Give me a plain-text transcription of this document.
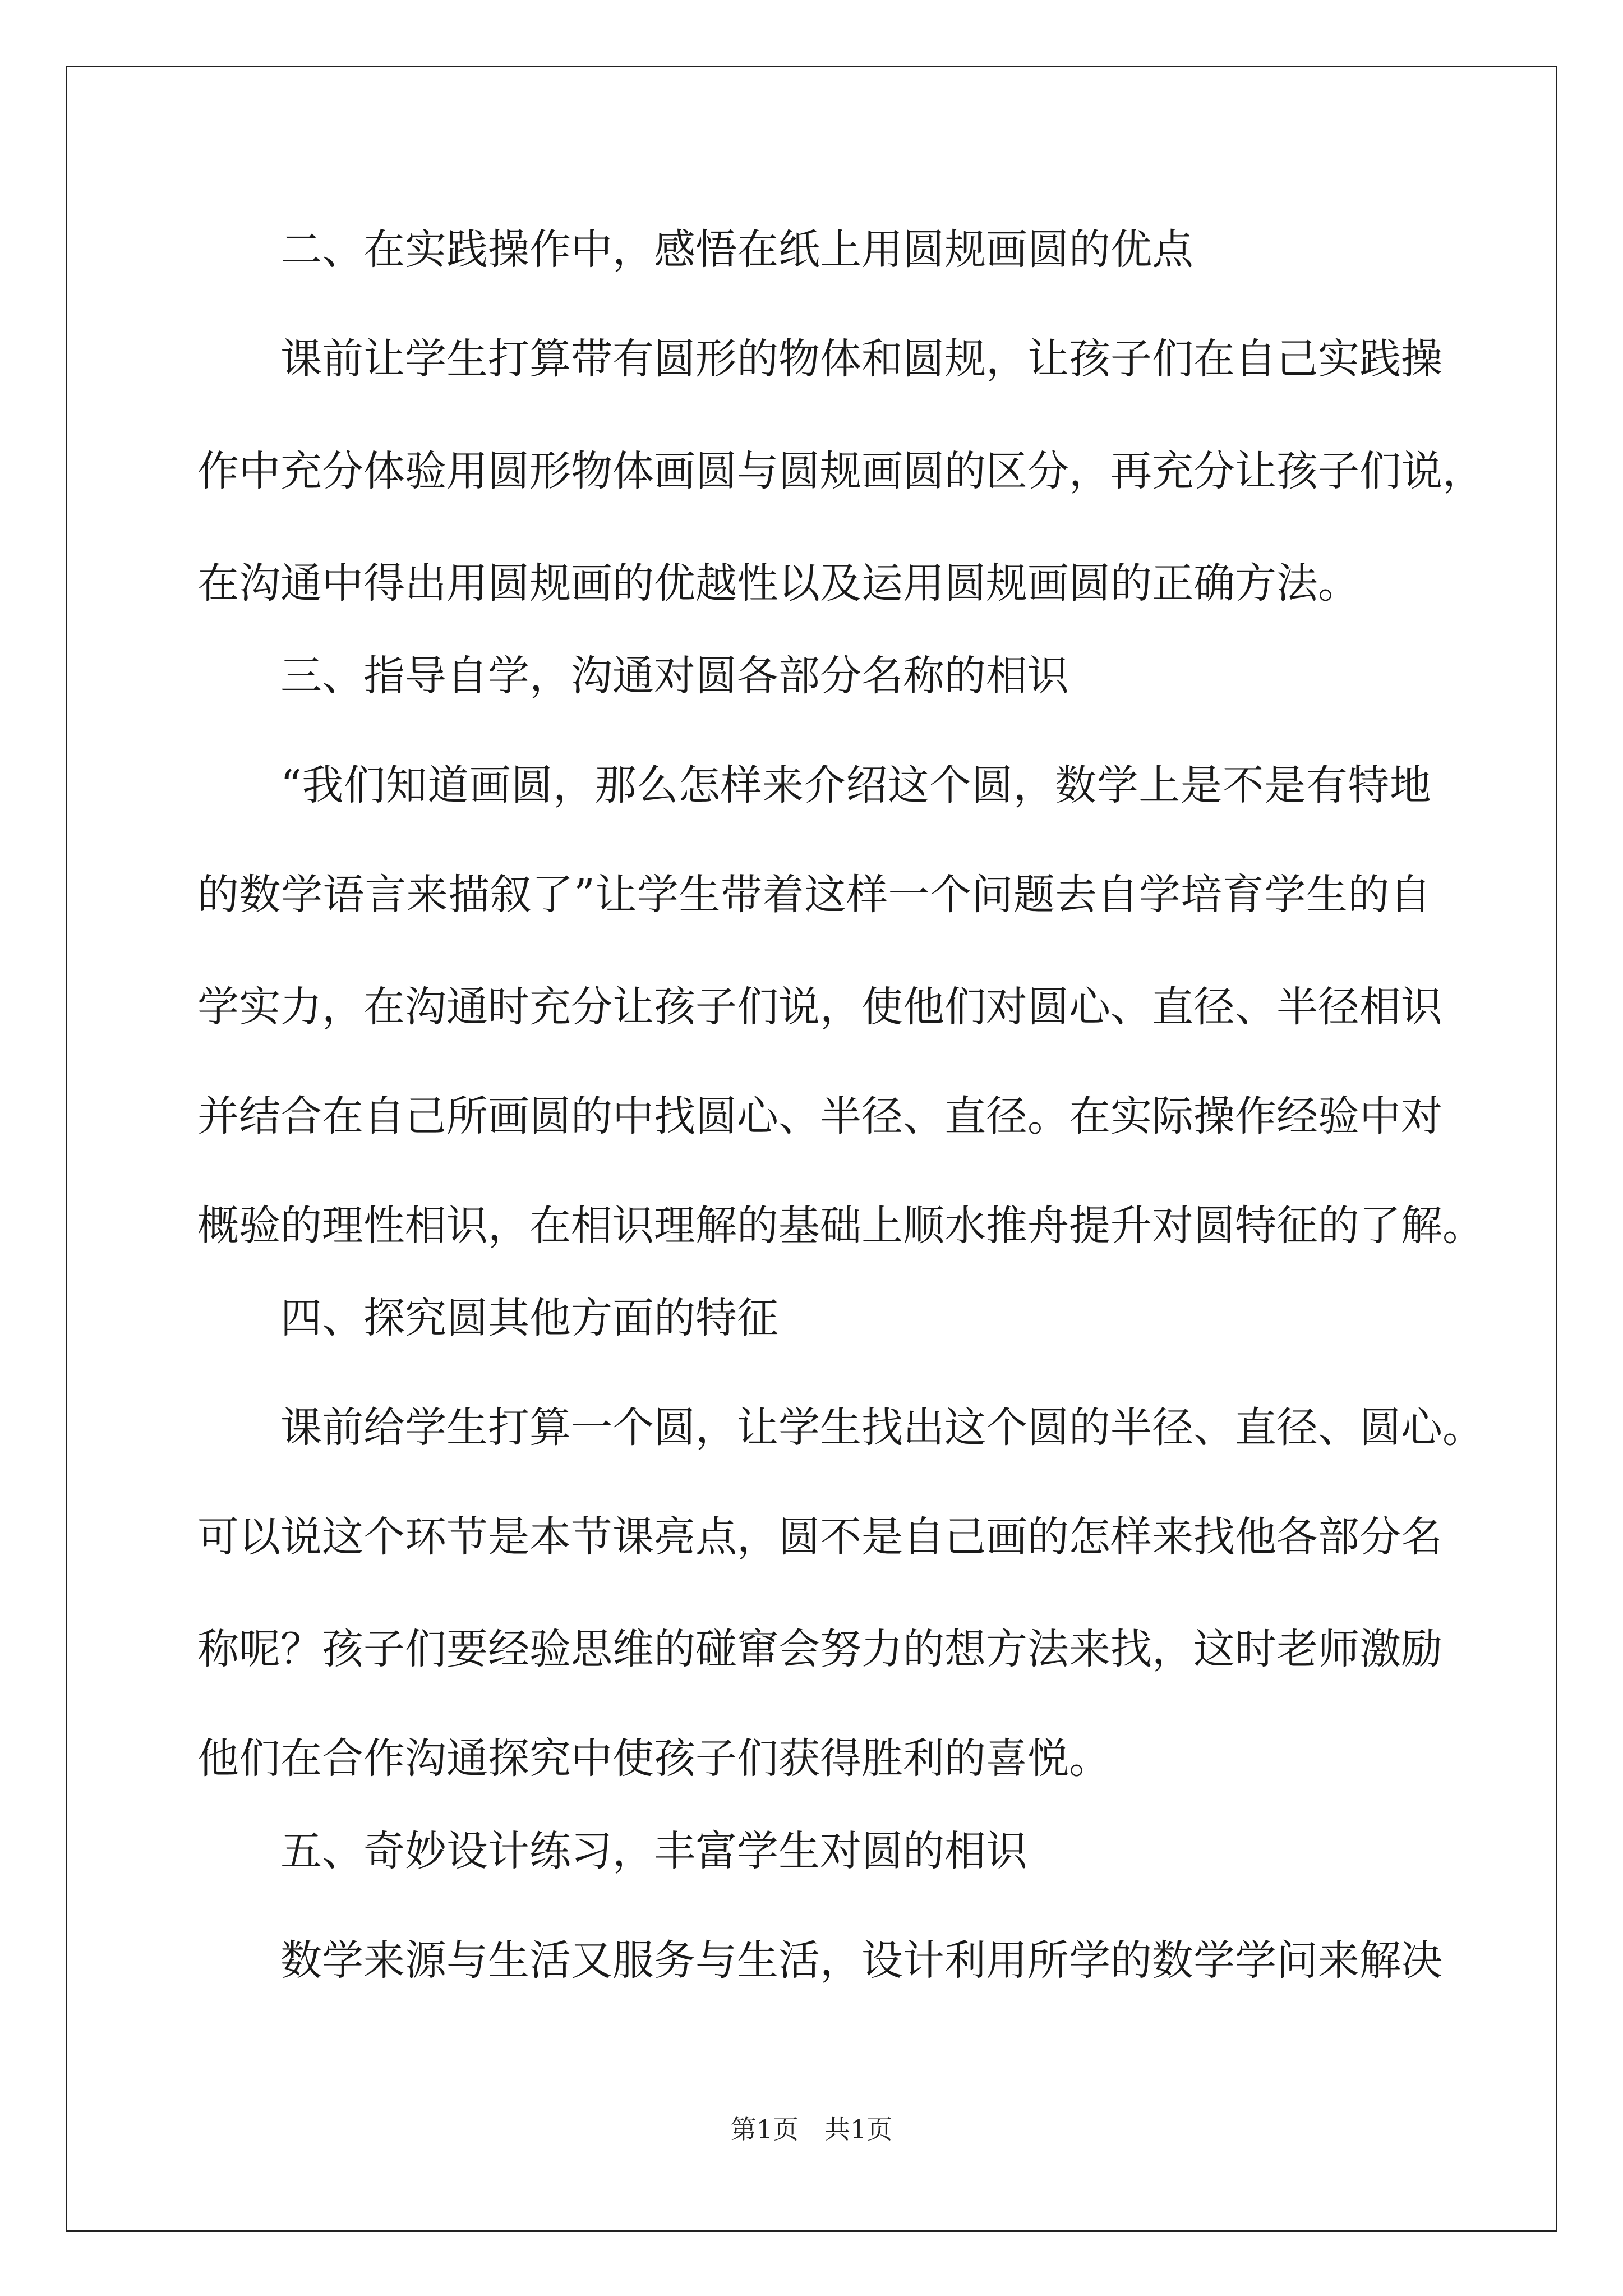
二、在实践操作中，感悟在纸上用圆规画圆的优点
课前让学生打算带有圆形的物体和圆规，让孩子们在自己实践操
作中充分体验用圆形物体画圆与圆规画圆的区分，再充分让孩子们说，
在沟通中得出用圆规画的优越性以及运用圆规画圆的正确方法。
三、指导自学，沟通对圆各部分名称的相识
“我们知道画圆，那么怎样来介绍这个圆，数学上是不是有特地
的数学语言来描叙了”让学生带着这样一个问题去自学培育学生的自
学实力，在沟通时充分让孩子们说，使他们对圆心、直径、半径相识
并结合在自己所画圆的中找圆心、半径、直径。在实际操作经验中对
概验的理性相识，在相识理解的基础上顺水推舟提升对圆特征的了解。
四、探究圆其他方面的特征
课前给学生打算一个圆，让学生找出这个圆的半径、直径、圆心。
可以说这个环节是本节课亮点，圆不是自己画的怎样来找他各部分名
称呢？孩子们要经验思维的碰窜会努力的想方法来找，这时老师激励
他们在合作沟通探究中使孩子们获得胜利的喜悦。
五、奇妙设计练习，丰富学生对圆的相识
数学来源与生活又服务与生活，设计利用所学的数学学问来解决
第1页　共1页
